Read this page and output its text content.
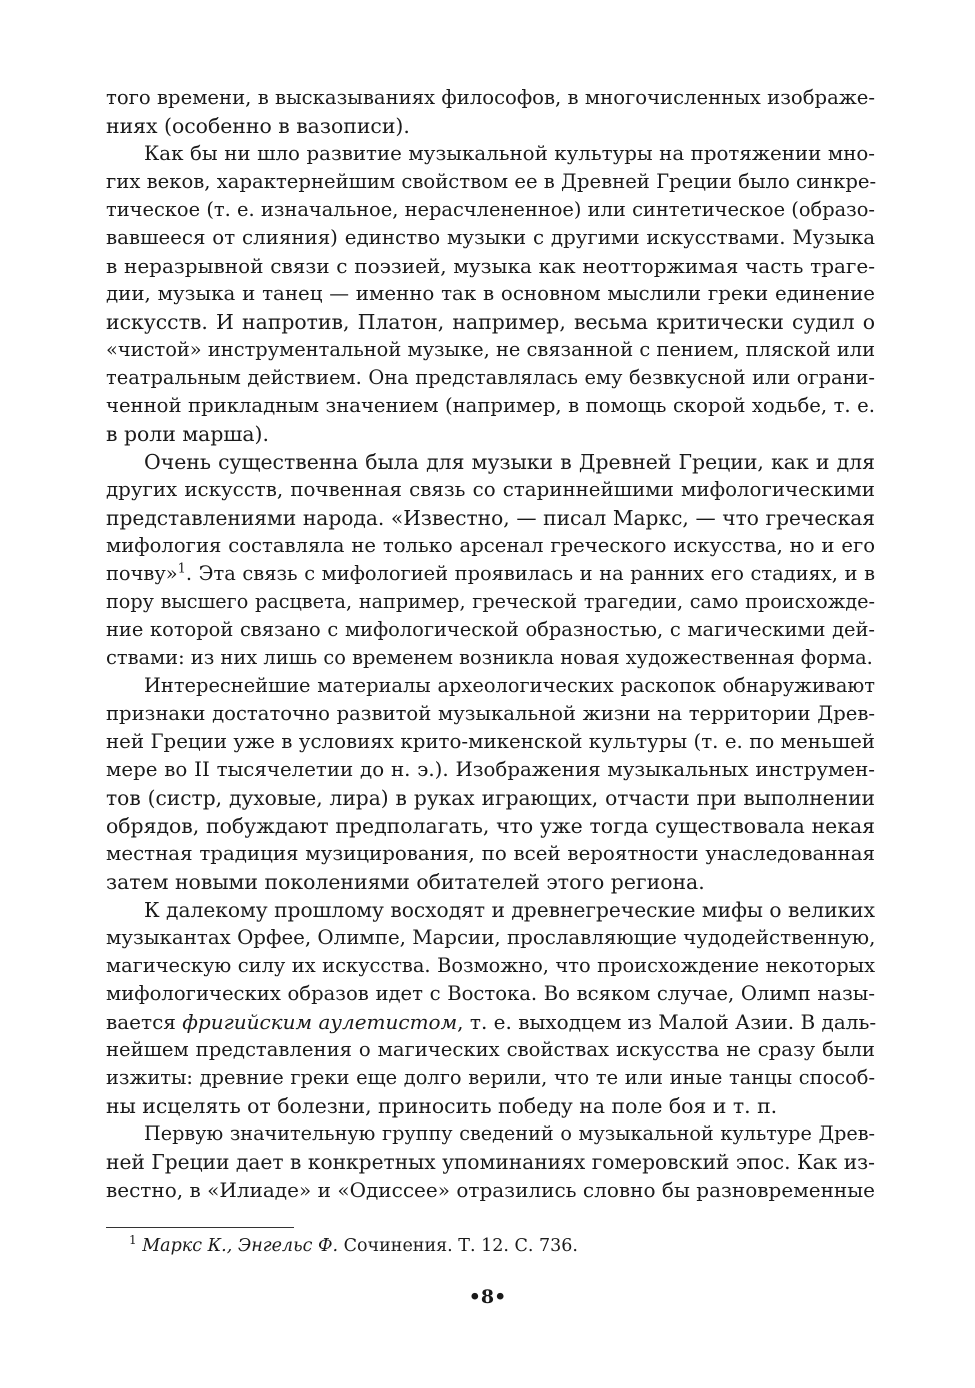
того времени, в высказываниях философов, в многочисленных изображе-
ниях (особенно в вазописи).
Как бы ни шло развитие музыкальной культуры на протяжении мно-
гих веков, характернейшим свойством ее в Древней Греции было синкре-
тическое (т. е. изначальное, нерасчлененное) или синтетическое (образо-
вавшееся от слияния) единство музыки с другими искусствами. Музыка
в неразрывной связи с поэзией, музыка как неотторжимая часть траге-
дии, музыка и танец — именно так в основном мыслили греки единение
искусств. И напротив, Платон, например, весьма критически судил о
«чистой» инструментальной музыке, не связанной с пением, пляской или
театральным действием. Она представлялась ему безвкусной или ограни-
ченной прикладным значением (например, в помощь скорой ходьбе, т. е.
в роли марша).
Очень существенна была для музыки в Древней Греции, как и для
других искусств, почвенная связь со стариннейшими мифологическими
представлениями народа. «Известно, — писал Маркс, — что греческая
мифология составляла не только арсенал греческого искусства, но и его
почву»$^1$. Эта связь с мифологией проявилась и на ранних его стадиях, и в
пору высшего расцвета, например, греческой трагедии, само происхожде-
ние которой связано с мифологической образностью, с магическими дей-
ствами: из них лишь со временем возникла новая художественная форма.
Интереснейшие материалы археологических раскопок обнаруживают
признаки достаточно развитой музыкальной жизни на территории Древ-
ней Греции уже в условиях крито-микенской культуры (т. е. по меньшей
мере во II тысячелетии до н. э.). Изображения музыкальных инструмен-
тов (систр, духовые, лира) в руках играющих, отчасти при выполнении
обрядов, побуждают предполагать, что уже тогда существовала некая
местная традиция музицирования, по всей вероятности унаследованная
затем новыми поколениями обитателей этого региона.
К далекому прошлому восходят и древнегреческие мифы о великих
музыкантах Орфее, Олимпе, Марсии, прославляющие чудодейственную,
магическую силу их искусства. Возможно, что происхождение некоторых
мифологических образов идет с Востока. Во всяком случае, Олимп назы-
вается фригийским аулетистом, т. е. выходцем из Малой Азии. В даль-
нейшем представления о магических свойствах искусства не сразу были
изжиты: древние греки еще долго верили, что те или иные танцы способ-
ны исцелять от болезни, приносить победу на поле боя и т. п.
Первую значительную группу сведений о музыкальной культуре Древ-
ней Греции дает в конкретных упоминаниях гомеровский эпос. Как из-
вестно, в «Илиаде» и «Одиссее» отразились словно бы разновременные
$^1$ Маркс К., Энгельс Ф. Сочинения. Т. 12. С. 736.
•8•
